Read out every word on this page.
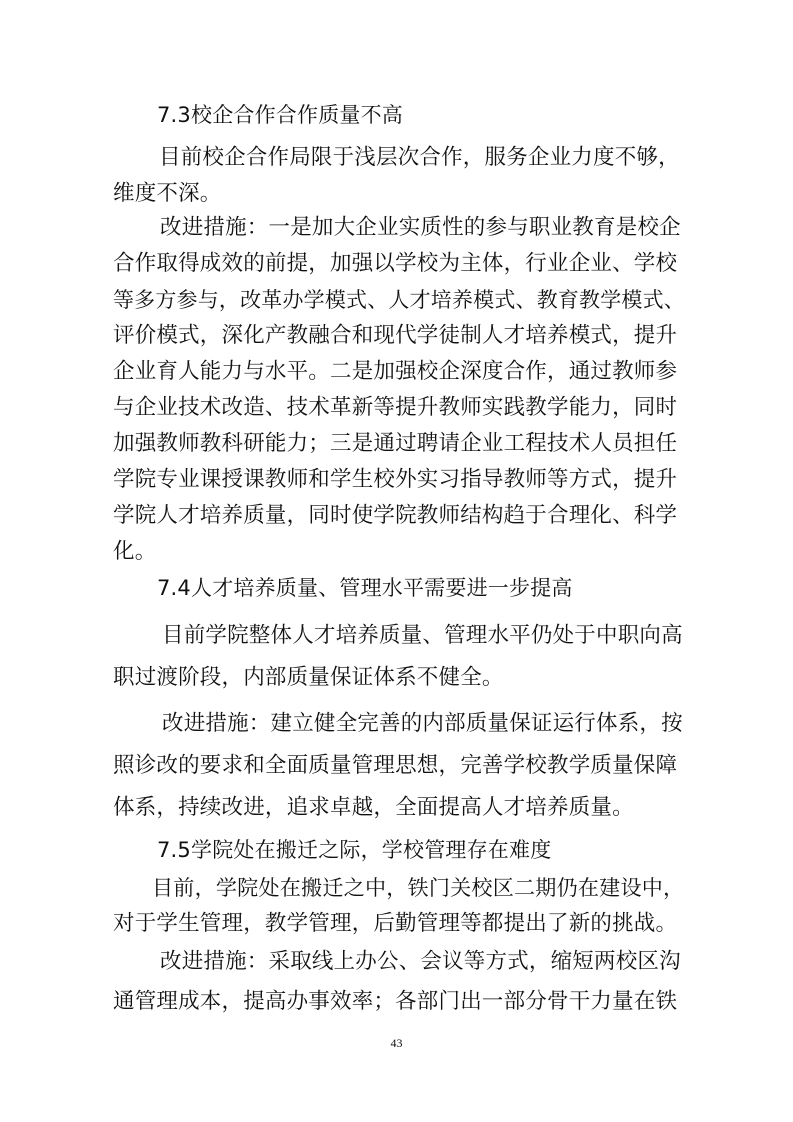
7.3校企合作合作质量不高
目前校企合作局限于浅层次合作，服务企业力度不够，
维度不深。
改进措施：一是加大企业实质性的参与职业教育是校企
合作取得成效的前提，加强以学校为主体，行业企业、学校
等多方参与，改革办学模式、人才培养模式、教育教学模式、
评价模式，深化产教融合和现代学徒制人才培养模式，提升
企业育人能力与水平。二是加强校企深度合作，通过教师参
与企业技术改造、技术革新等提升教师实践教学能力，同时
加强教师教科研能力；三是通过聘请企业工程技术人员担任
学院专业课授课教师和学生校外实习指导教师等方式，提升
学院人才培养质量，同时使学院教师结构趋于合理化、科学
化。
7.4人才培养质量、管理水平需要进一步提高
目前学院整体人才培养质量、管理水平仍处于中职向高
职过渡阶段，内部质量保证体系不健全。
改进措施：建立健全完善的内部质量保证运行体系，按
照诊改的要求和全面质量管理思想，完善学校教学质量保障
体系，持续改进，追求卓越，全面提高人才培养质量。
7.5学院处在搬迁之际，学校管理存在难度
目前，学院处在搬迁之中，铁门关校区二期仍在建设中，
对于学生管理，教学管理，后勤管理等都提出了新的挑战。
改进措施：采取线上办公、会议等方式，缩短两校区沟
通管理成本，提高办事效率；各部门出一部分骨干力量在铁
43
